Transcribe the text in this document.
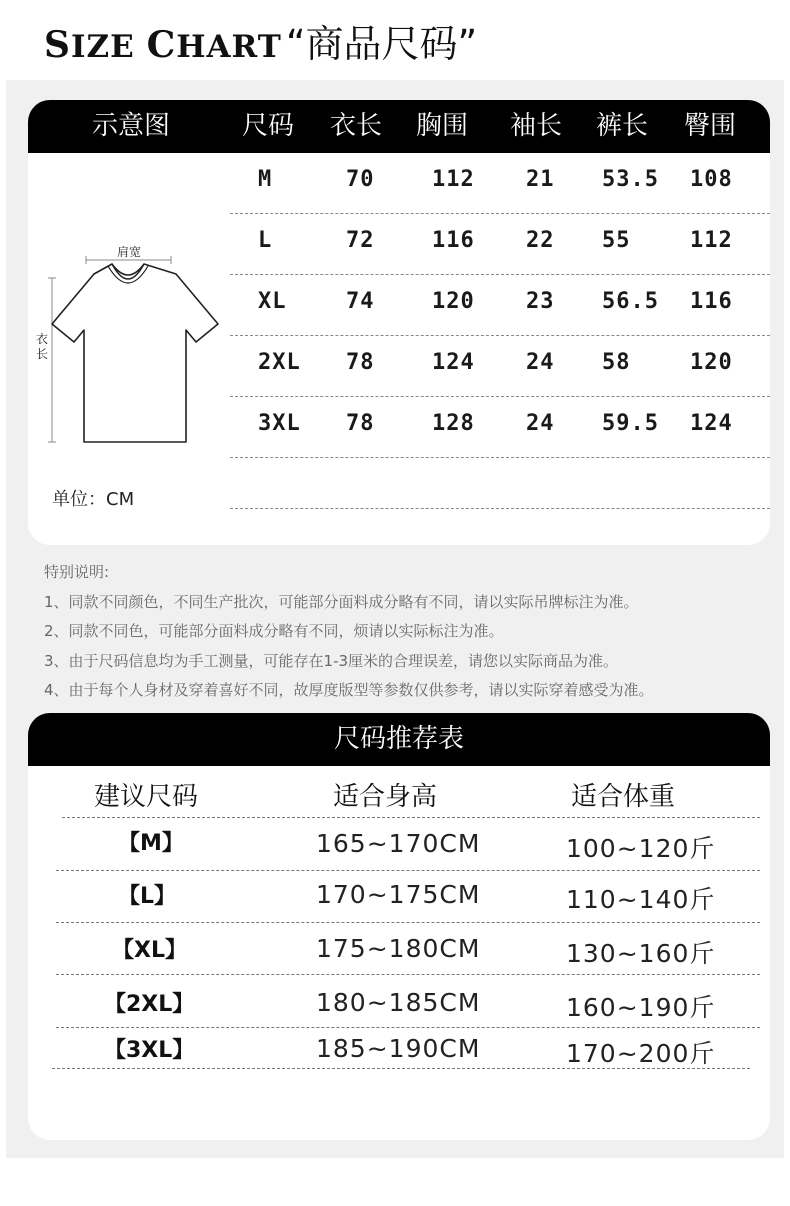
SIZE CHART “商品尺码”
示意图	尺码 衣长 胸围 袖长 裤长 臀围
M	70	112 21 53.5 108
L	72	116 22 55	112
XL	74	120 23 56.5 116
2XL 78	124 24 58	120
3XL 78	128 24 59.5 124
肩宽
衣长
单位：CM
特别说明:
1、同款不同颜色，不同生产批次，可能部分面料成分略有不同，请以实际吊牌标注为准。
2、同款不同色，可能部分面料成分略有不同，烦请以实际标注为准。
3、由于尺码信息均为手工测量，可能存在1-3厘米的合理误差，请您以实际商品为准。
4、由于每个人身材及穿着喜好不同，故厚度版型等参数仅供参考，请以实际穿着感受为准。
尺码推荐表
建议尺码	适合身高	适合体重
【M】	165~170CM	100~120斤
【L】	170~175CM	110~140斤
【XL】	175~180CM	130~160斤
【2XL】	180~185CM	160~190斤
【3XL】	185~190CM	170~200斤
